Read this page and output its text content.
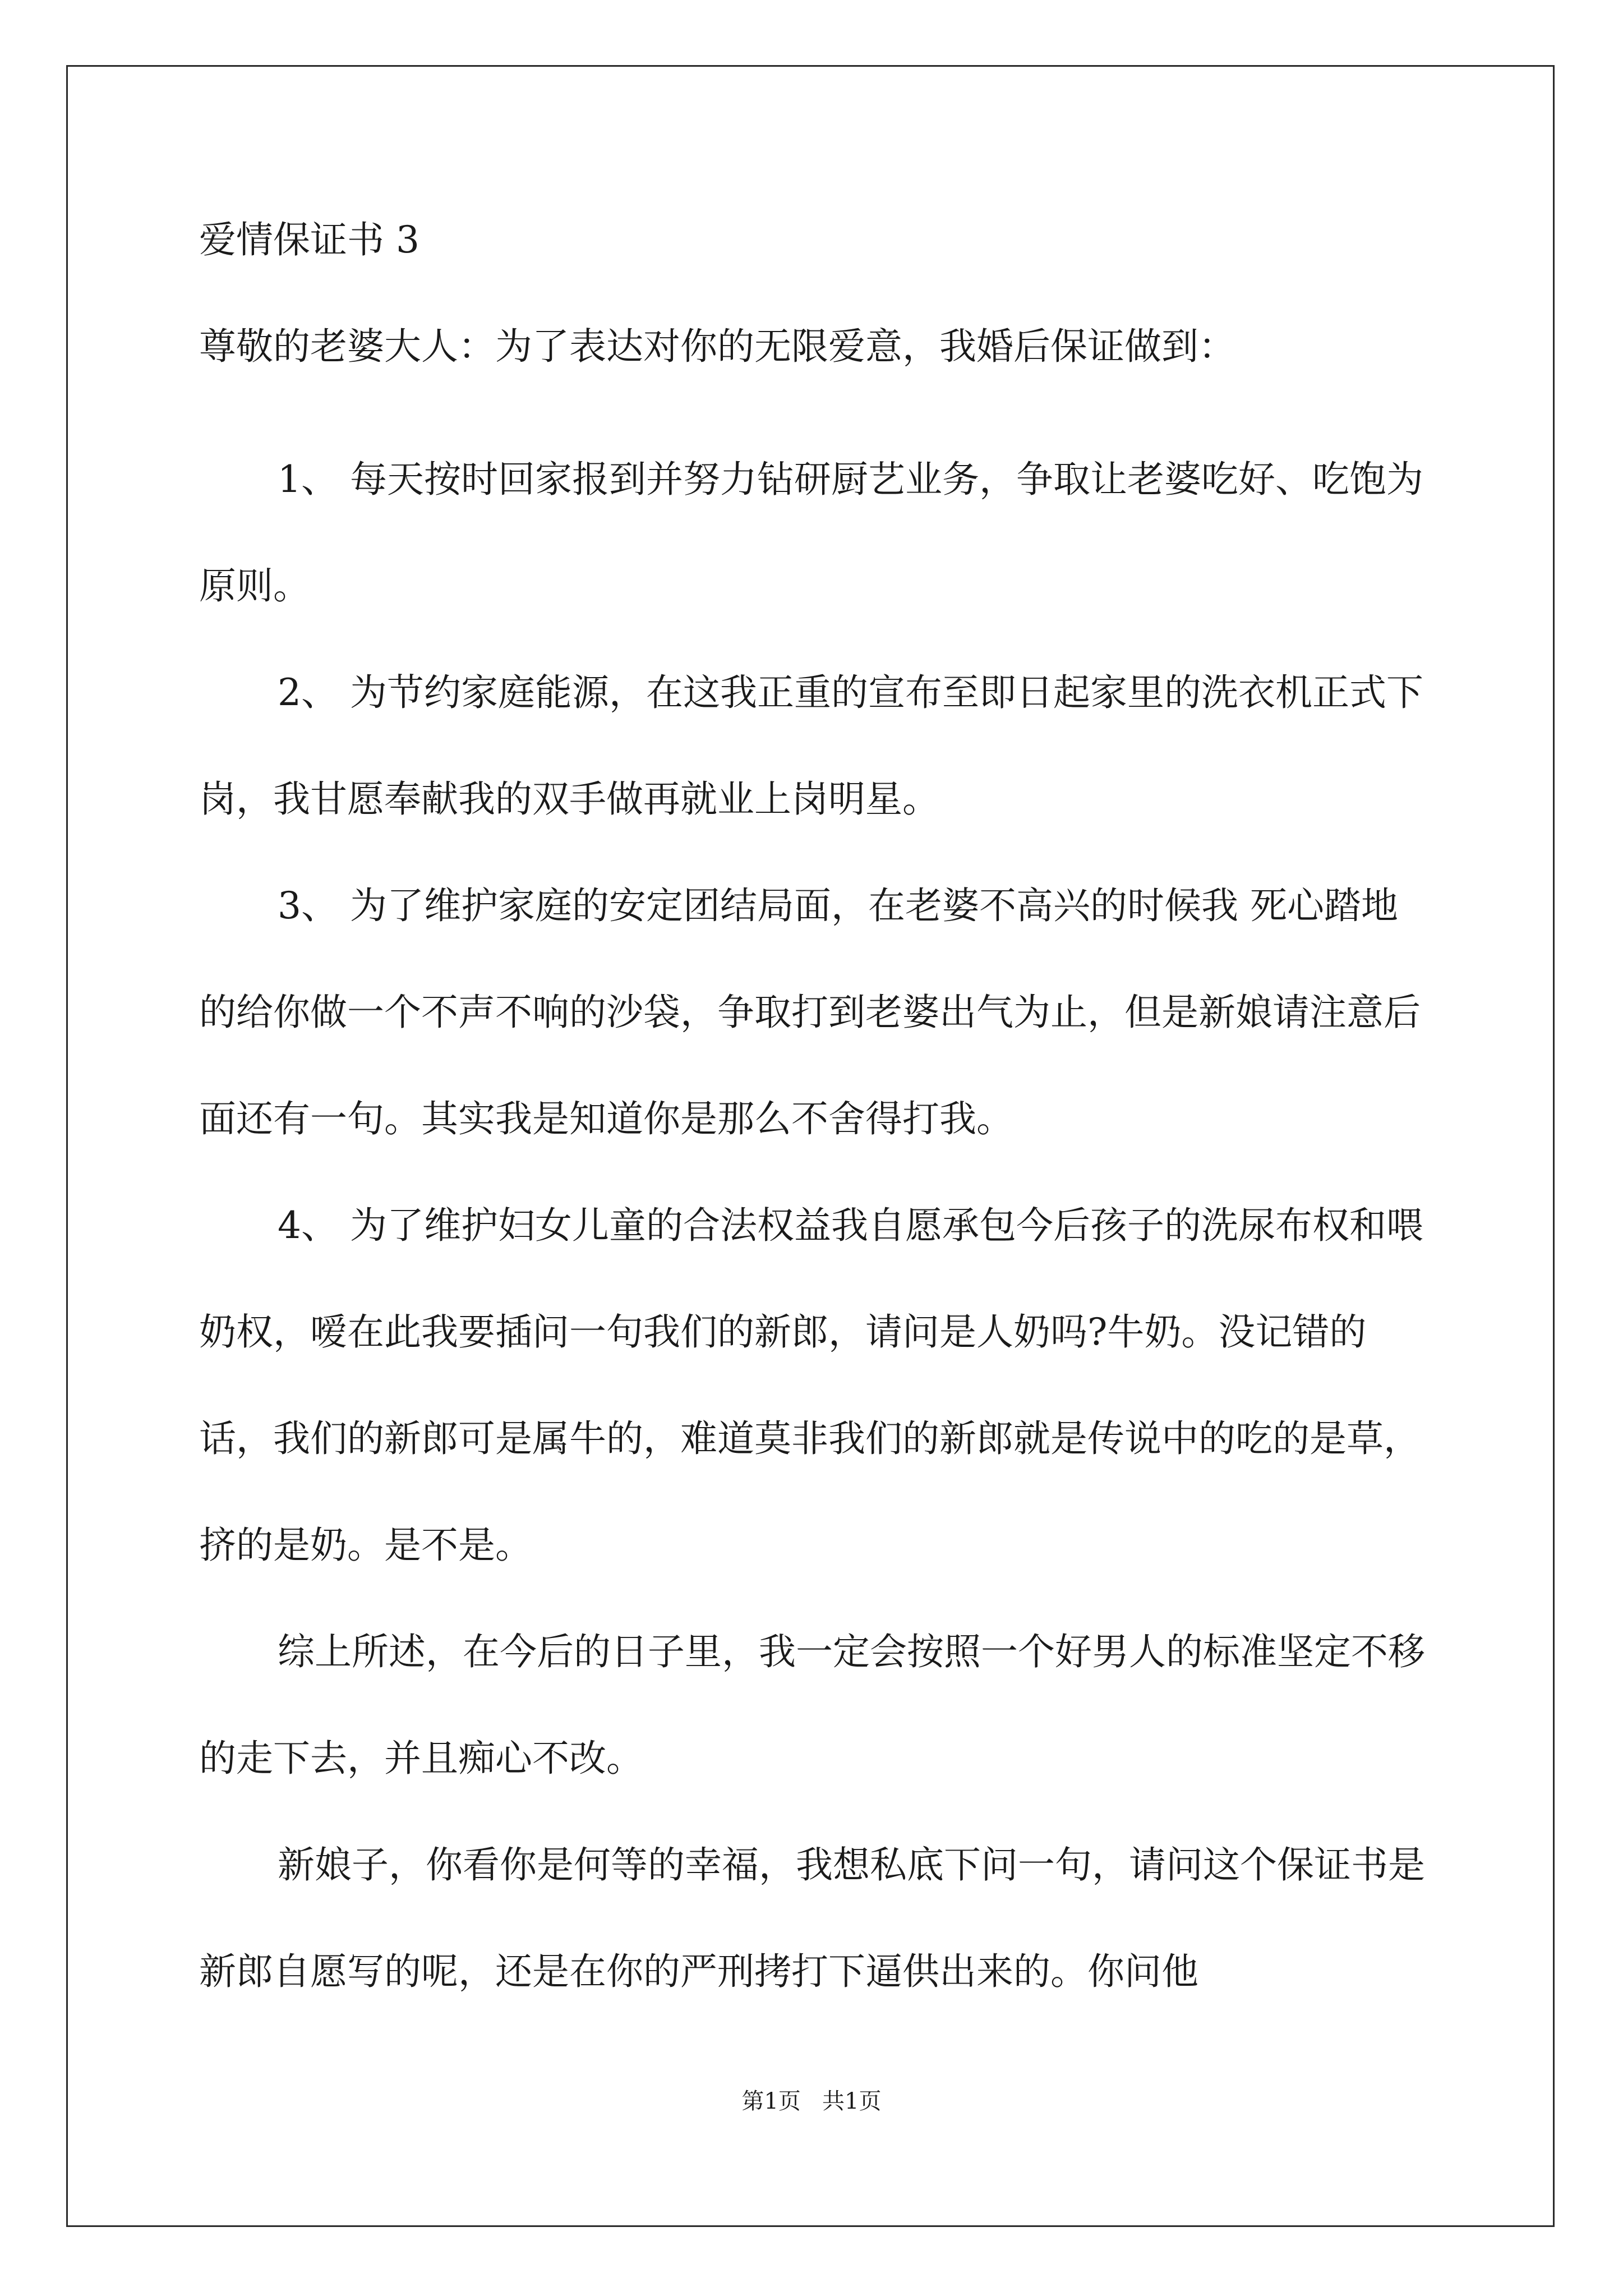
爱情保证书 3

尊敬的老婆大人：为了表达对你的无限爱意，我婚后保证做到：

1、 每天按时回家报到并努力钻研厨艺业务，争取让老婆吃好、吃饱为原则。

2、 为节约家庭能源，在这我正重的宣布至即日起家里的洗衣机正式下岗，我甘愿奉献我的双手做再就业上岗明星。

3、 为了维护家庭的安定团结局面，在老婆不高兴的时候我 死心踏地的给你做一个不声不响的沙袋，争取打到老婆出气为止，但是新娘请注意后面还有一句。其实我是知道你是那么不舍得打我。

4、 为了维护妇女儿童的合法权益我自愿承包今后孩子的洗尿布权和喂奶权，嗳在此我要插问一句我们的新郎，请问是人奶吗?牛奶。没记错的话，我们的新郎可是属牛的，难道莫非我们的新郎就是传说中的吃的是草，挤的是奶。是不是。

综上所述，在今后的日子里，我一定会按照一个好男人的标准坚定不移的走下去，并且痴心不改。

新娘子，你看你是何等的幸福，我想私底下问一句，请问这个保证书是新郎自愿写的呢，还是在你的严刑拷打下逼供出来的。你问他

第1页   共1页
